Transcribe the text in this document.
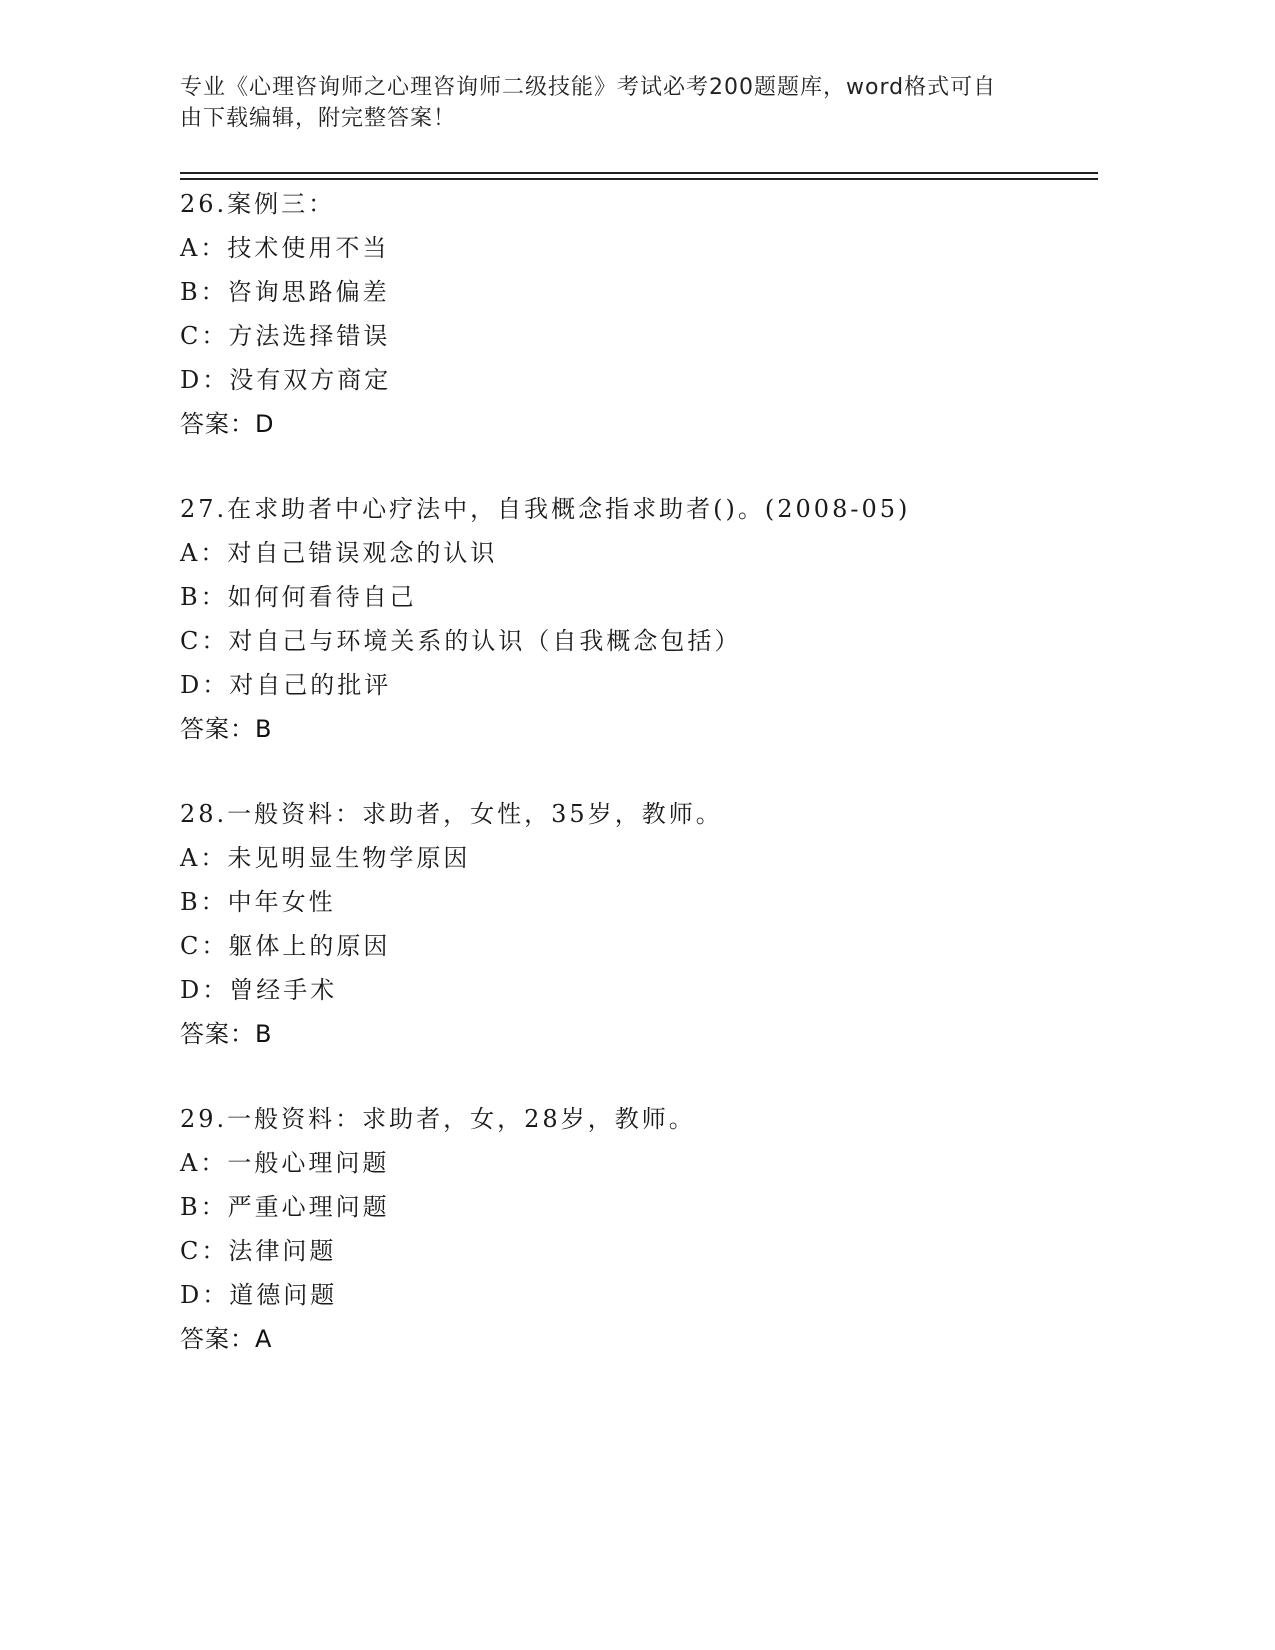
专业《心理咨询师之心理咨询师二级技能》考试必考200题题库，word格式可自
由下载编辑，附完整答案！
26.案例三：
A：技术使用不当
B：咨询思路偏差
C：方法选择错误
D：没有双方商定
答案：D
27.在求助者中心疗法中，自我概念指求助者()。(2008-05)
A：对自己错误观念的认识
B：如何何看待自己
C：对自己与环境关系的认识（自我概念包括）
D：对自己的批评
答案：B
28.一般资料：求助者，女性，35岁，教师。
A：未见明显生物学原因
B：中年女性
C：躯体上的原因
D：曾经手术
答案：B
29.一般资料：求助者，女，28岁，教师。
A：一般心理问题
B：严重心理问题
C：法律问题
D：道德问题
答案：A
